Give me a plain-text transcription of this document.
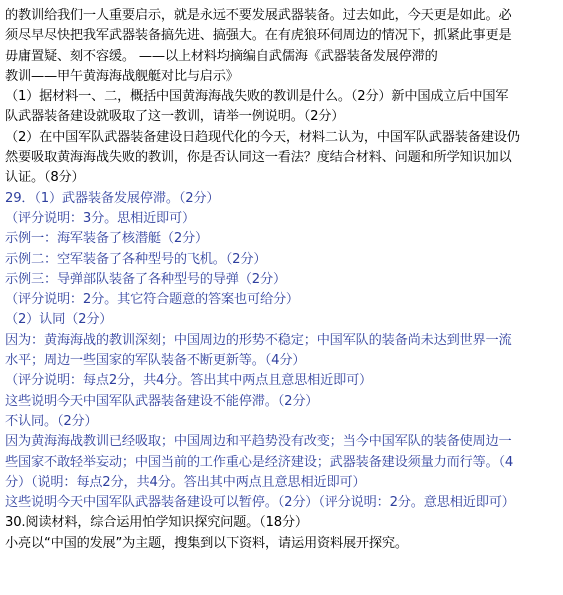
的教训给我们一人重要启示，就是永远不要发展武器装备。过去如此，今天更是如此。必
须尽早尽快把我军武器装备搞先进、搞强大。在有虎狼环伺周边的情况下，抓紧此事更是
毋庸置疑、刻不容缓。 ——以上材料均摘编自武儒海《武器装备发展停滞的
教训——甲午黄海海战舰艇对比与启示》
（1）据材料一、二，概括中国黄海海战失败的教训是什么。（2分）新中国成立后中国军
队武器装备建设就吸取了这一教训，请举一例说明。（2分）
（2）在中国军队武器装备建设日趋现代化的今天，材料二认为，中国军队武器装备建设仍
然要吸取黄海海战失败的教训，你是否认同这一看法？度结合材料、问题和所学知识加以
认证。（8分）
29．（1）武器装备发展停滞。（2分）
（评分说明：3分。思相近即可）
示例一：海军装备了核潜艇（2分）
示例二：空军装备了各种型号的飞机。（2分）
示例三：导弹部队装备了各种型号的导弹（2分）
（评分说明：2分。其它符合题意的答案也可给分）
（2）认同（2分）
因为：黄海海战的教训深刻；中国周边的形势不稳定；中国军队的装备尚未达到世界一流
水平；周边一些国家的军队装备不断更新等。（4分）
（评分说明：每点2分，共4分。答出其中两点且意思相近即可）
这些说明今天中国军队武器装备建设不能停滞。（2分）
不认同。（2分）
因为黄海海战教训已经吸取；中国周边和平趋势没有改变；当今中国军队的装备使周边一
些国家不敢轻举妄动；中国当前的工作重心是经济建设；武器装备建设须量力而行等。（4
分）（说明：每点2分，共4分。答出其中两点且意思相近即可）
这些说明今天中国军队武器装备建设可以暂停。（2分）（评分说明：2分。意思相近即可）
30.阅读材料，综合运用怕学知识探究问题。（18分）
小亮以“中国的发展”为主题，搜集到以下资料，请运用资料展开探究。
